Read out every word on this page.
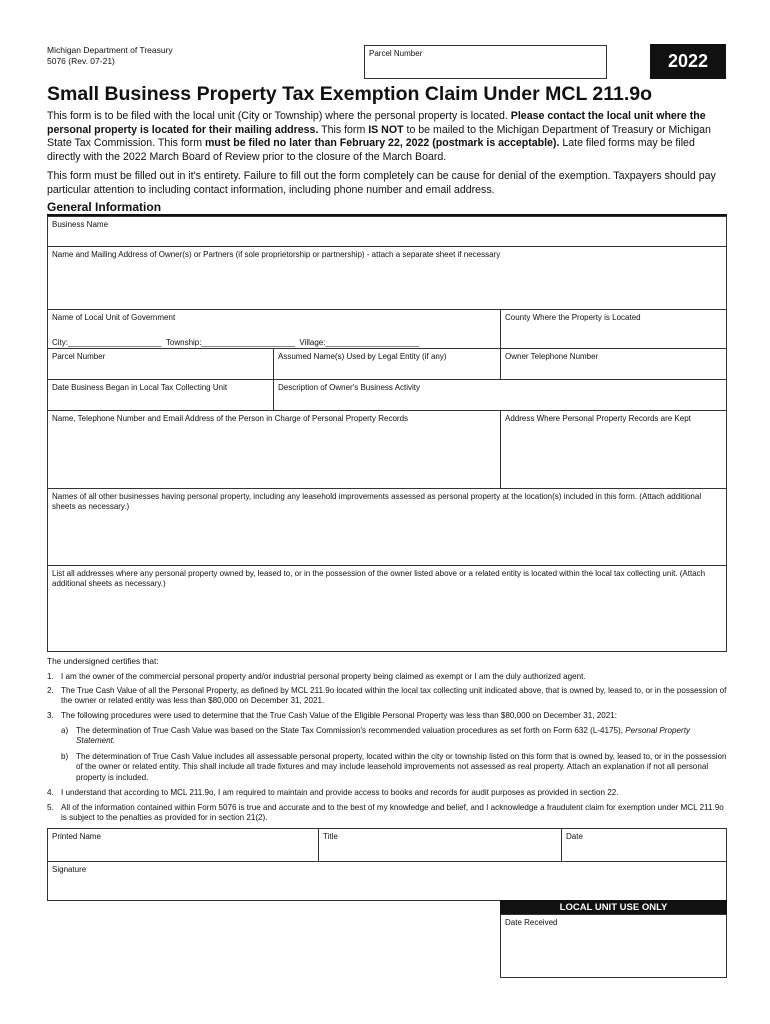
Michigan Department of Treasury
5076 (Rev. 07-21)
Parcel Number	2022
Small Business Property Tax Exemption Claim Under MCL 211.9o
This form is to be filed with the local unit (City or Township) where the personal property is located. Please contact the local unit where the personal property is located for their mailing address. This form IS NOT to be mailed to the Michigan Department of Treasury or Michigan State Tax Commission. This form must be filed no later than February 22, 2022 (postmark is acceptable). Late filed forms may be filed directly with the 2022 March Board of Review prior to the closure of the March Board.
This form must be filled out in it's entirety. Failure to fill out the form completely can be cause for denial of the exemption. Taxpayers should pay particular attention to including contact information, including phone number and email address.
General Information
Business Name
Name and Mailing Address of Owner(s) or Partners (if sole proprietorship or partnership) - attach a separate sheet if necessary
Name of Local Unit of Government
City:_____________________ Township:_____________________ Village:_____________________
County Where the Property is Located
Parcel Number	Assumed Name(s) Used by Legal Entity (if any)	Owner Telephone Number
Date Business Began in Local Tax Collecting Unit	Description of Owner's Business Activity
Name, Telephone Number and Email Address of the Person in Charge of Personal Property Records	Address Where Personal Property Records are Kept
Names of all other businesses having personal property, including any leasehold improvements assessed as personal property at the location(s) included in this form. (Attach additional sheets as necessary.)
List all addresses where any personal property owned by, leased to, or in the possession of the owner listed above or a related entity is located within the local tax collecting unit. (Attach additional sheets as necessary.)
The undersigned certifies that:
1. I am the owner of the commercial personal property and/or industrial personal property being claimed as exempt or I am the duly authorized agent.
2. The True Cash Value of all the Personal Property, as defined by MCL 211.9o located within the local tax collecting unit indicated above, that is owned by, leased to, or in the possession of the owner or related entity was less than $80,000 on December 31, 2021.
3. The following procedures were used to determine that the True Cash Value of the Eligible Personal Property was less than $80,000 on December 31, 2021:
a) The determination of True Cash Value was based on the State Tax Commission's recommended valuation procedures as set forth on Form 632 (L-4175), Personal Property Statement.
b) The determination of True Cash Value includes all assessable personal property, located within the city or township listed on this form that is owned by, leased to, or in the possession of the owner or related entity. This shall include all trade fixtures and may include leasehold improvements not assessed as real property. Attach an explanation if not all personal property is included.
4. I understand that according to MCL 211.9o, I am required to maintain and provide access to books and records for audit purposes as provided in section 22.
5. All of the information contained within Form 5076 is true and accurate and to the best of my knowledge and belief, and I acknowledge a fraudulent claim for exemption under MCL 211.9o is subject to the penalties as provided for in section 21(2).
Printed Name	Title	Date
Signature
LOCAL UNIT USE ONLY
Date Received
